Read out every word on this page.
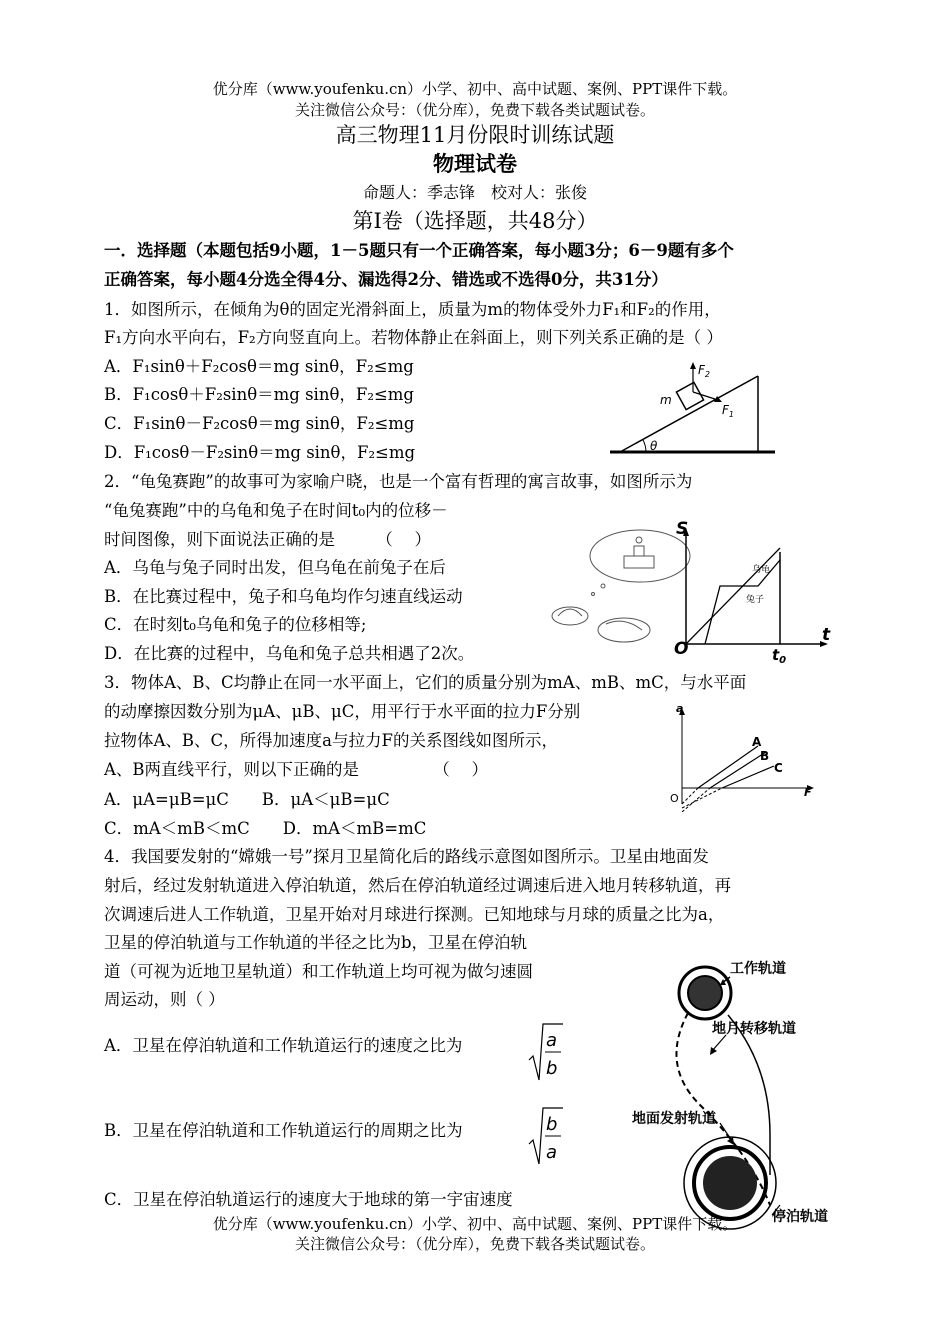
优分库（www.youfenku.cn）小学、初中、高中试题、案例、PPT课件下载。
关注微信公众号：（优分库），免费下载各类试题试卷。
高三物理11月份限时训练试题
物理试卷
命题人：季志锋　校对人：张俊
第I卷（选择题，共48分）
一．选择题（本题包括9小题，1－5题只有一个正确答案，每小题3分；6－9题有多个
正确答案，每小题4分选全得4分、漏选得2分、错选或不选得0分，共31分）
1．如图所示，在倾角为θ的固定光滑斜面上，质量为m的物体受外力F₁和F₂的作用，
F₁方向水平向右，F₂方向竖直向上。若物体静止在斜面上，则下列关系正确的是（ ）
A．F₁sinθ＋F₂cosθ＝mg sinθ，F₂≤mg
B．F₁cosθ＋F₂sinθ＝mg sinθ，F₂≤mg
C．F₁sinθ－F₂cosθ＝mg sinθ，F₂≤mg
D．F₁cosθ－F₂sinθ＝mg sinθ，F₂≤mg
$F_2$
m
$F_1$
θ
2．“龟兔赛跑”的故事可为家喻户晓，也是一个富有哲理的寓言故事，如图所示为
“龟兔赛跑”中的乌龟和兔子在时间t₀内的位移－
时间图像，则下面说法正确的是　　　（　 ）
A．乌龟与兔子同时出发，但乌龟在前兔子在后
B．在比赛过程中，兔子和乌龟均作匀速直线运动
C．在时刻t₀乌龟和兔子的位移相等;
D．在比赛的过程中，乌龟和兔子总共相遇了2次。
S
O
t
$t_0$
乌龟
兔子
3．物体A、B、C均静止在同一水平面上，它们的质量分别为mA、mB、mC，与水平面
的动摩擦因数分别为μA、μB、μC，用平行于水平面的拉力F分别
拉物体A、B、C，所得加速度a与拉力F的关系图线如图所示，
A、B两直线平行，则以下正确的是　　　　　（　 ）
A．μA=μB=μC　　B．μA＜μB=μC
C．mA＜mB＜mC　　D．mA＜mB=mC
a
O	F
A
B
C
4．我国要发射的“嫦娥一号”探月卫星简化后的路线示意图如图所示。卫星由地面发
射后，经过发射轨道进入停泊轨道，然后在停泊轨道经过调速后进入地月转移轨道，再
次调速后进人工作轨道，卫星开始对月球进行探测。已知地球与月球的质量之比为a，
卫星的停泊轨道与工作轨道的半径之比为b，卫星在停泊轨
道（可视为近地卫星轨道）和工作轨道上均可视为做匀速圆
周运动，则（ ）
A．卫星在停泊轨道和工作轨道运行的速度之比为	a
b
B．卫星在停泊轨道和工作轨道运行的周期之比为	b
a
C．卫星在停泊轨道运行的速度大于地球的第一宇宙速度
工作轨道
地月转移轨道
地面发射轨道
停泊轨道
优分库（www.youfenku.cn）小学、初中、高中试题、案例、PPT课件下载。
关注微信公众号：（优分库），免费下载各类试题试卷。
